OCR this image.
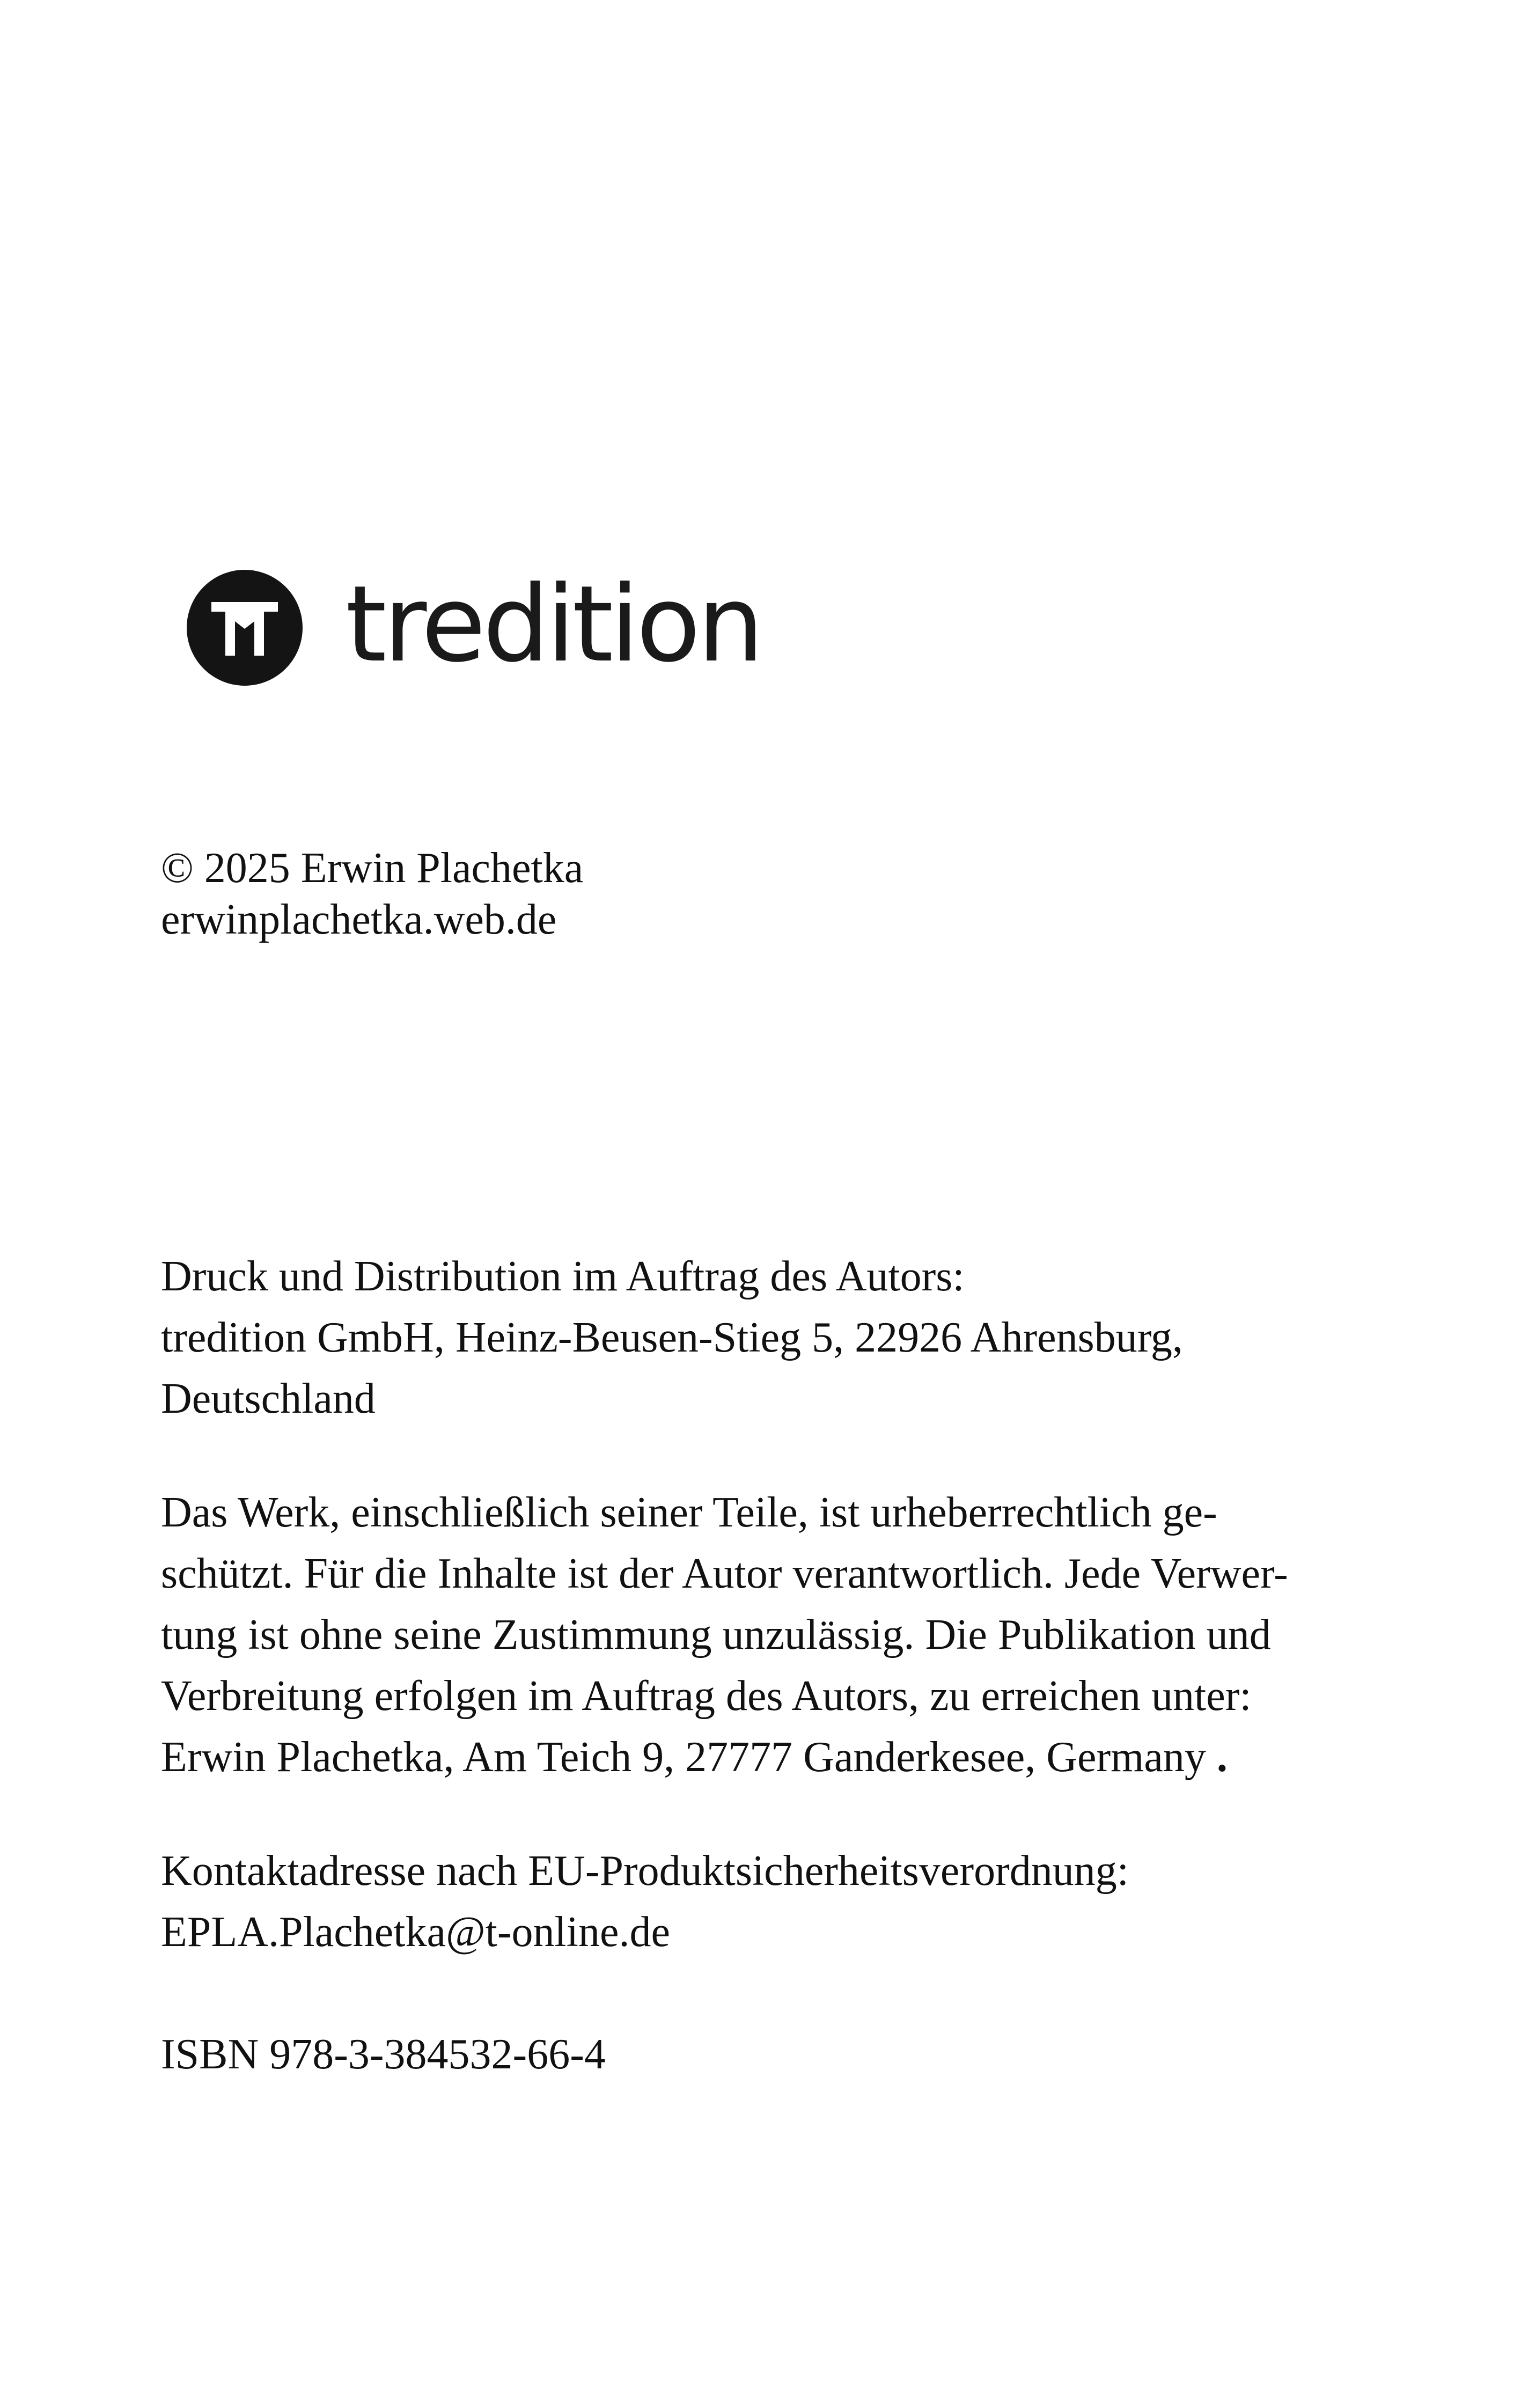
tredition
© 2025 Erwin Plachetka
erwinplachetka.web.de
Druck und Distribution im Auftrag des Autors:
tredition GmbH, Heinz-Beusen-Stieg 5, 22926 Ahrensburg,
Deutschland
Das Werk, einschließlich seiner Teile, ist urheberrechtlich ge-
schützt. Für die Inhalte ist der Autor verantwortlich. Jede Verwer-
tung ist ohne seine Zustimmung unzulässig. Die Publikation und
Verbreitung erfolgen im Auftrag des Autors, zu erreichen unter:
Erwin Plachetka, Am Teich 9, 27777 Ganderkesee, Germany .
Kontaktadresse nach EU-Produktsicherheitsverordnung:
EPLA.Plachetka@t-online.de
ISBN 978-3-384532-66-4
